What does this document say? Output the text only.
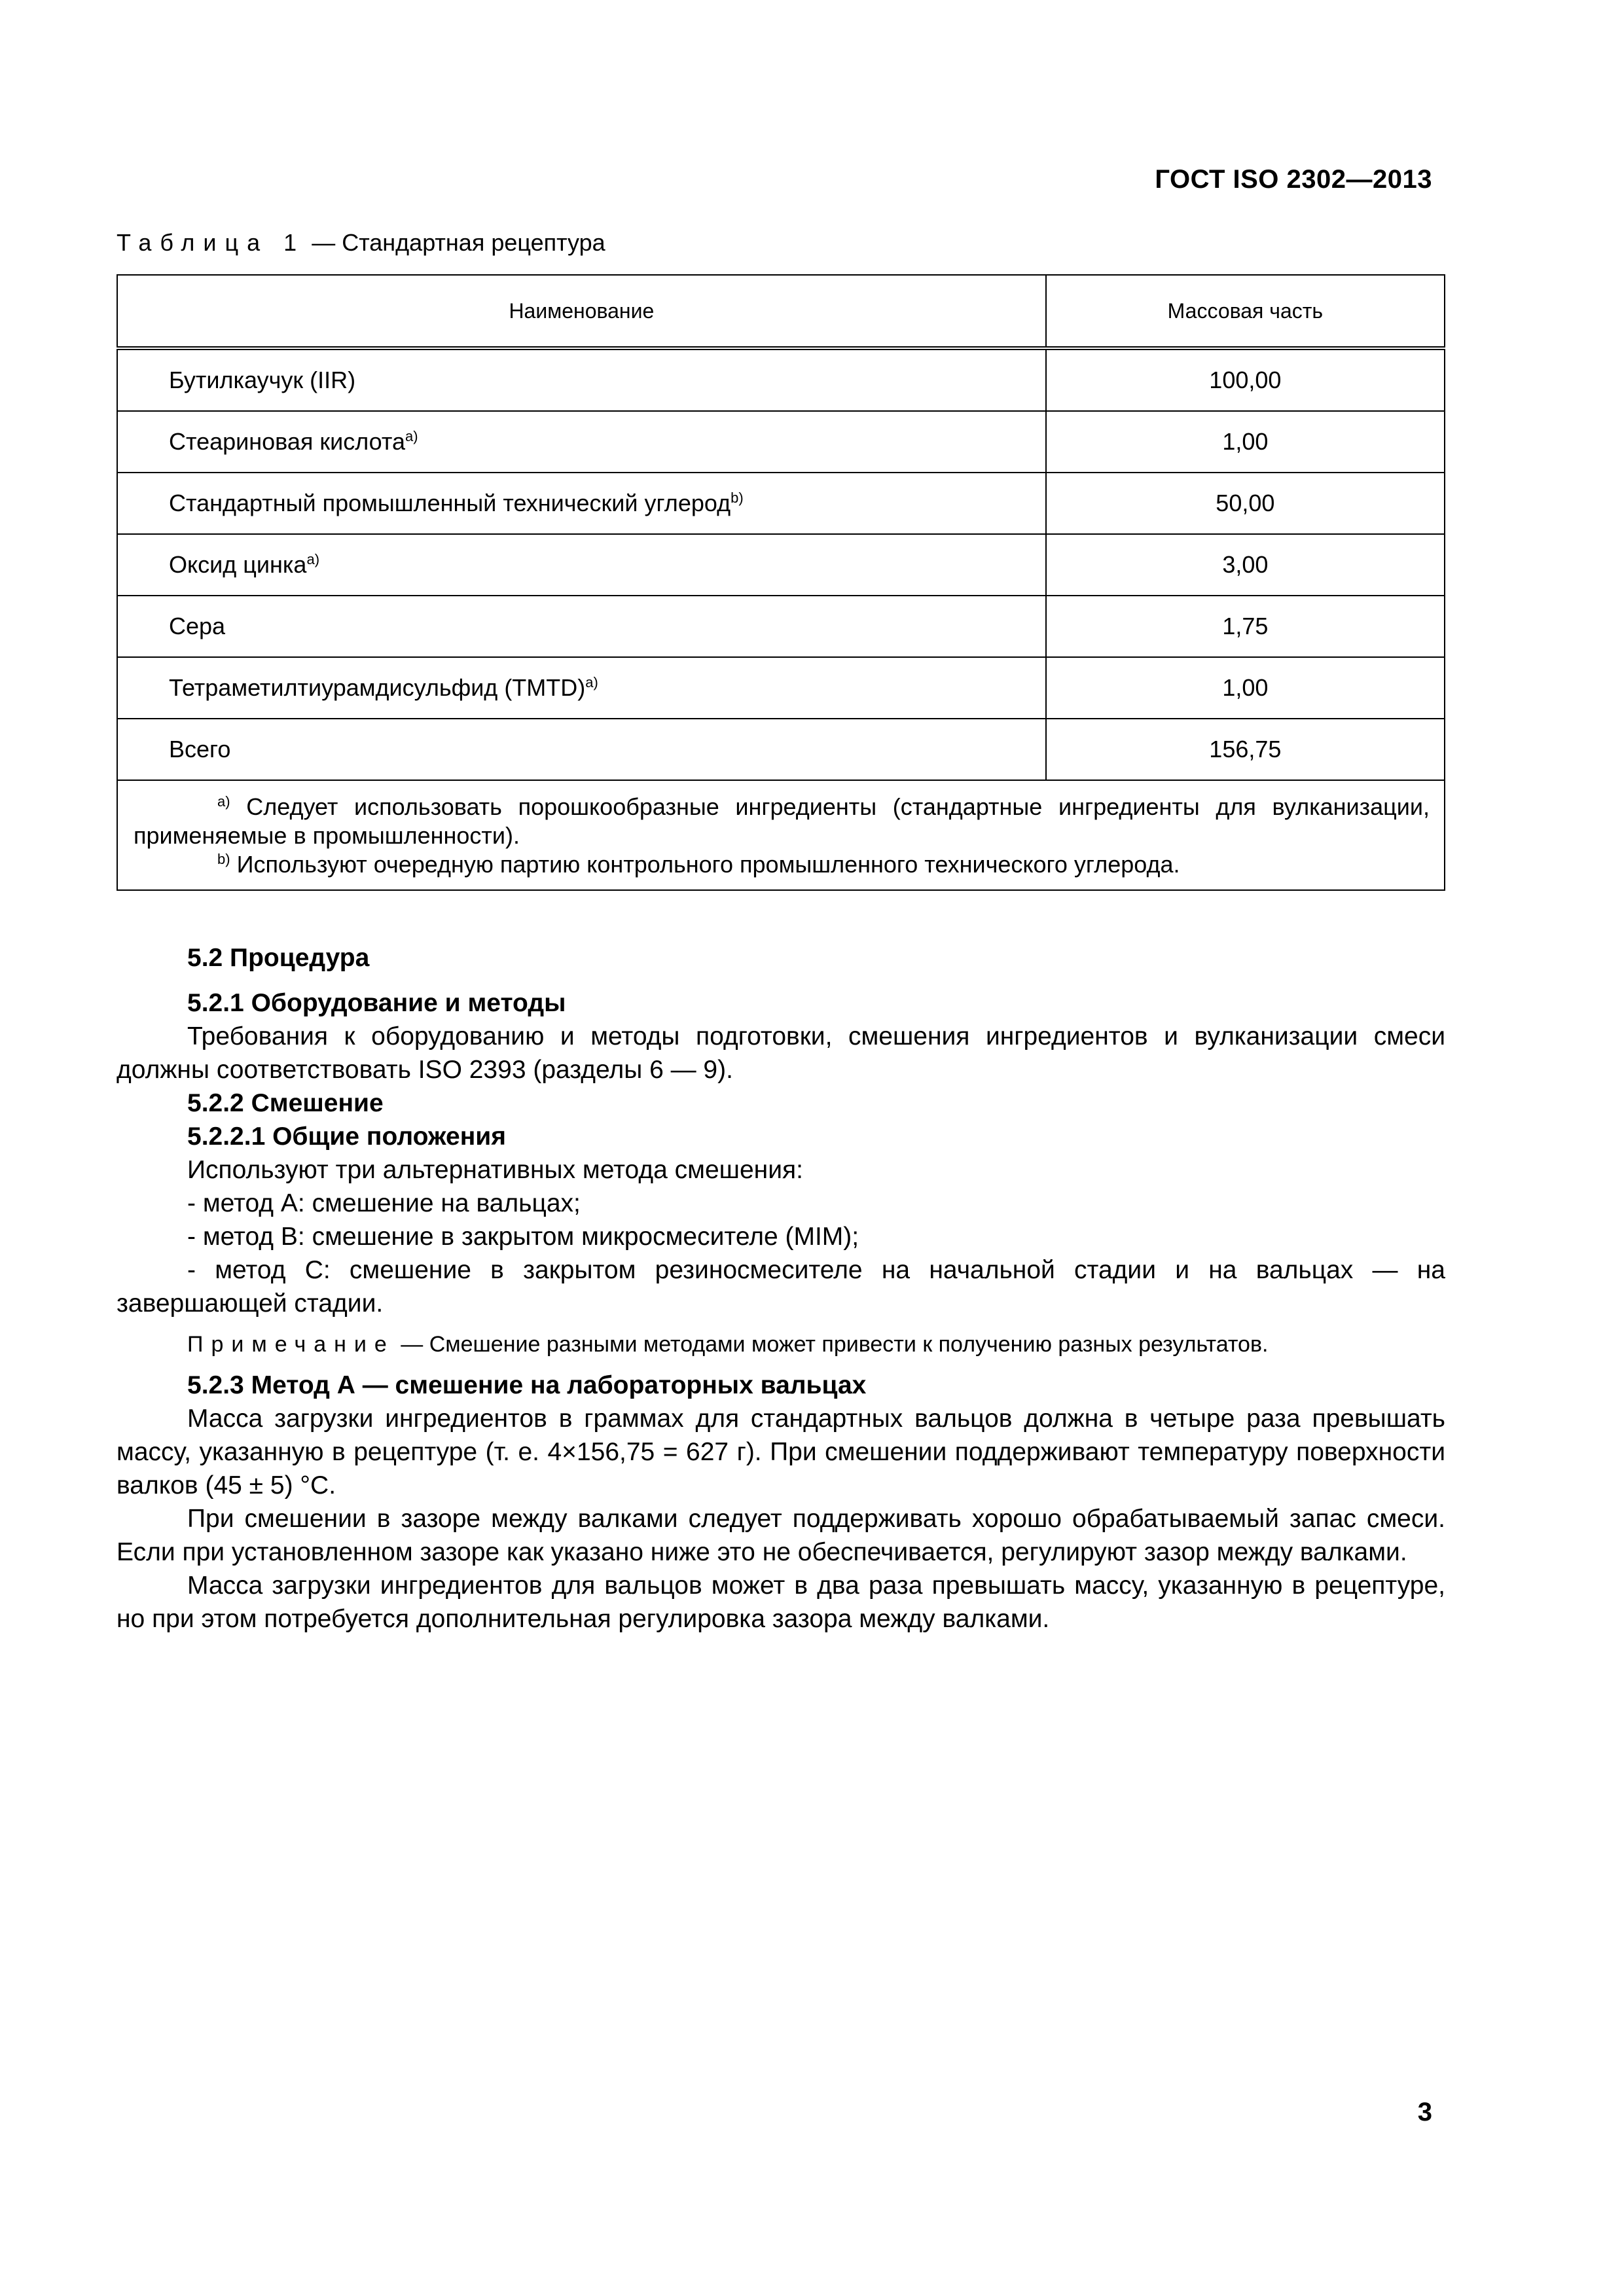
ГОСТ ISO 2302—2013
Таблица 1 — Стандартная рецептура
Наименование	Массовая часть
Бутилкаучук (IIR)	100,00
Стеариновая кислота$^{a)}$	1,00
Стандартный промышленный технический углерод$^{b)}$	50,00
Оксид цинка$^{a)}$	3,00
Сера	1,75
Тетраметилтиурамдисульфид (TMTD)$^{a)}$	1,00
Всего	156,75

$^{a)}$ Следует использовать порошкообразные ингредиенты (стандартные ингредиенты для вулканизации, применяемые в промышленности).

$^{b)}$ Используют очередную партию контрольного промышленного технического углерода.	

5.2 Процедура

5.2.1 Оборудование и методы

Требования к оборудованию и методы подготовки, смешения ингредиентов и вулканизации смеси должны соответствовать ISO 2393 (разделы 6 — 9).

5.2.2 Смешение

5.2.2.1 Общие положения

Используют три альтернативных метода смешения:

- метод А: смешение на вальцах;

- метод В: смешение в закрытом микросмесителе (MIM);

- метод С: смешение в закрытом резиносмесителе на начальной стадии и на вальцах — на завершающей стадии.

Примечание — Смешение разными методами может привести к получению разных результатов.

5.2.3 Метод А — смешение на лабораторных вальцах

Масса загрузки ингредиентов в граммах для стандартных вальцов должна в четыре раза превышать массу, указанную в рецептуре (т. е. 4×156,75 = 627 г). При смешении поддерживают температуру поверхности валков (45 ± 5) °С.

При смешении в зазоре между валками следует поддерживать хорошо обрабатываемый запас смеси. Если при установленном зазоре как указано ниже это не обеспечивается, регулируют зазор между валками.

Масса загрузки ингредиентов для вальцов может в два раза превышать массу, указанную в рецептуре, но при этом потребуется дополнительная регулировка зазора между валками.

3
